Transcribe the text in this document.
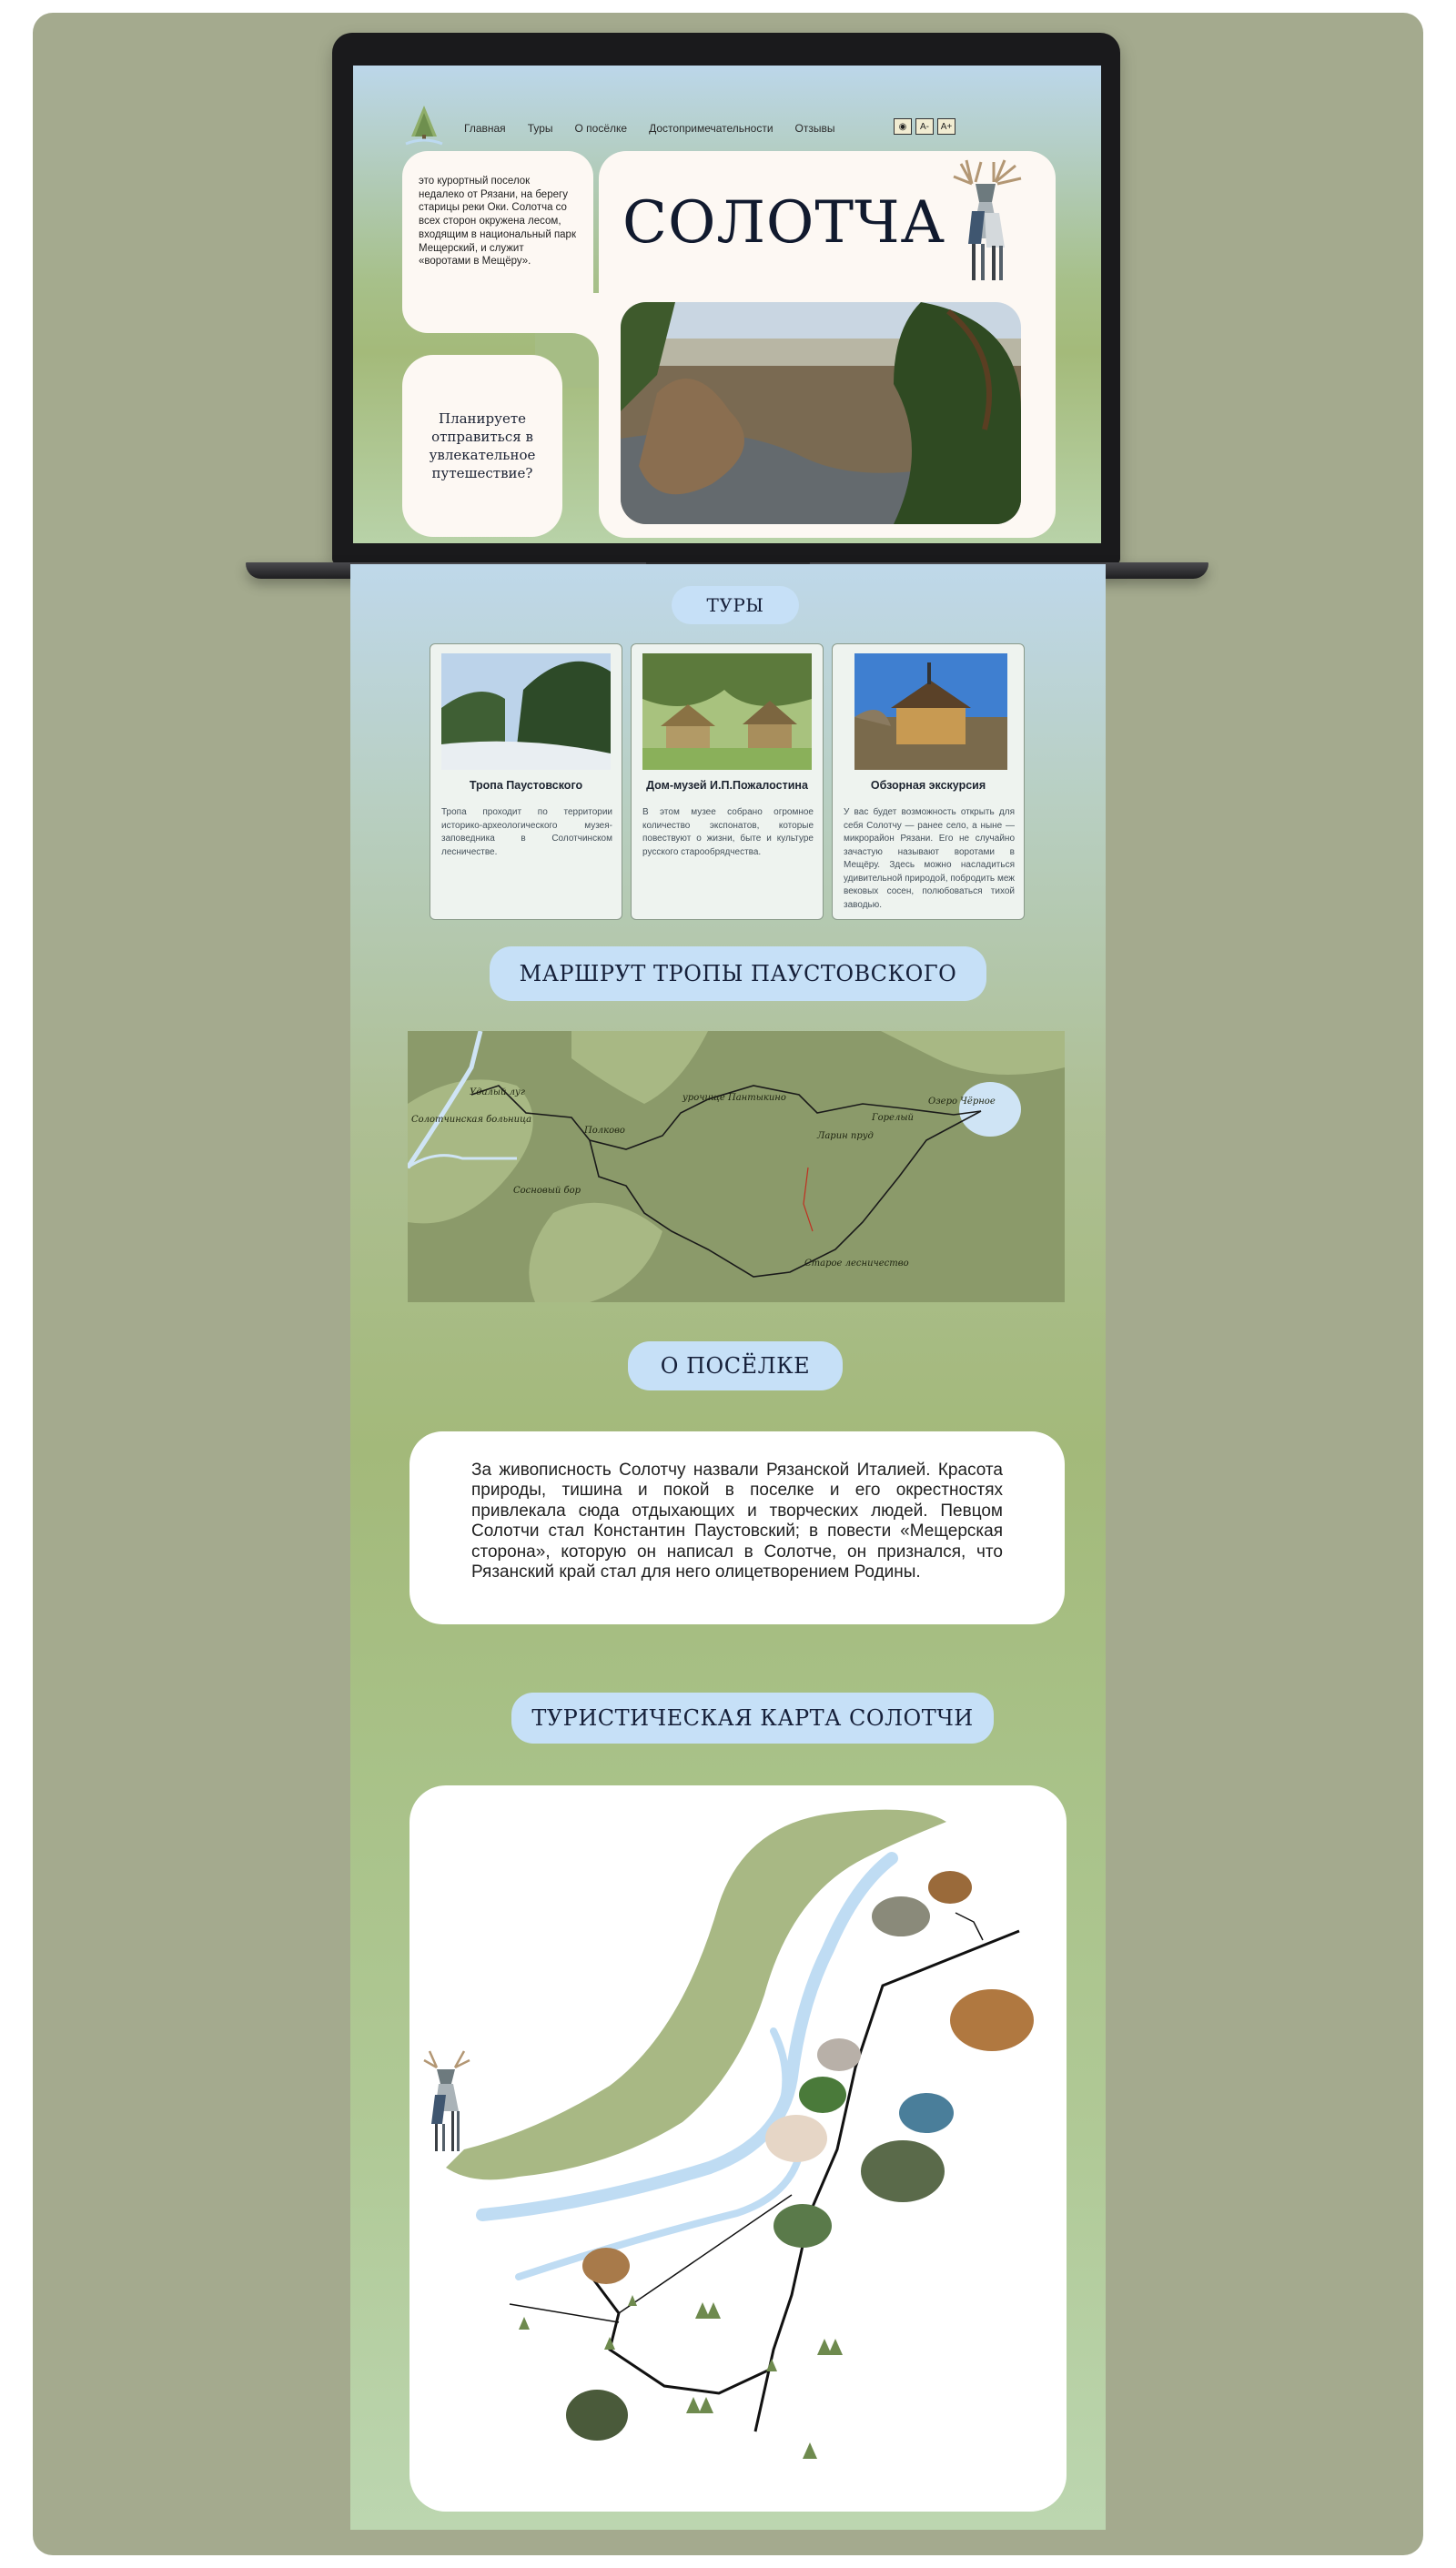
Главная Туры О посёлке Достопримечательности Отзывы	◉	A-	A+

это курортный поселок недалеко от Рязани, на берегу старицы реки Оки. Солотча со всех сторон окружена лесом, входящим в национальный парк Мещерский, и служит «воротами в Мещёру».

СОЛОТЧА

Планируете отправиться в увлекательное путешествие?

ТУРЫ
Тропа Паустовского
Тропа проходит по территории историко-археологического музея-заповедника в Солотчинском лесничестве.
Дом-музей И.П.Пожалостина
В этом музее собрано огромное количество экспонатов, которые повествуют о жизни, быте и культуре русского старообрядчества.
Обзорная экскурсия
У вас будет возможность открыть для себя Солотчу — ранее село, а ныне — микрорайон Рязани. Его не случайно зачастую называют воротами в Мещёру. Здесь можно насладиться удивительной природой, побродить меж вековых сосен, полюбоваться тихой заводью.
МАРШРУТ ТРОПЫ ПАУСТОВСКОГО
Удалый луг
Солотчинская больница
Полково
Сосновый бор
урочище Пантыкино
Ларин пруд
Горелый
Озеро Чёрное
Старое лесничество
О ПОСЁЛКЕ

За живописность Солотчу назвали Рязанской Италией. Красота природы, тишина и покой в поселке и его окрестностях привлекала сюда отдыхающих и творческих людей. Певцом Солотчи стал Константин Паустовский; в повести «Мещерская сторона», которую он написал в Солотче, он признался, что Рязанский край стал для него олицетворением Родины.

ТУРИСТИЧЕСКАЯ КАРТА СОЛОТЧИ
